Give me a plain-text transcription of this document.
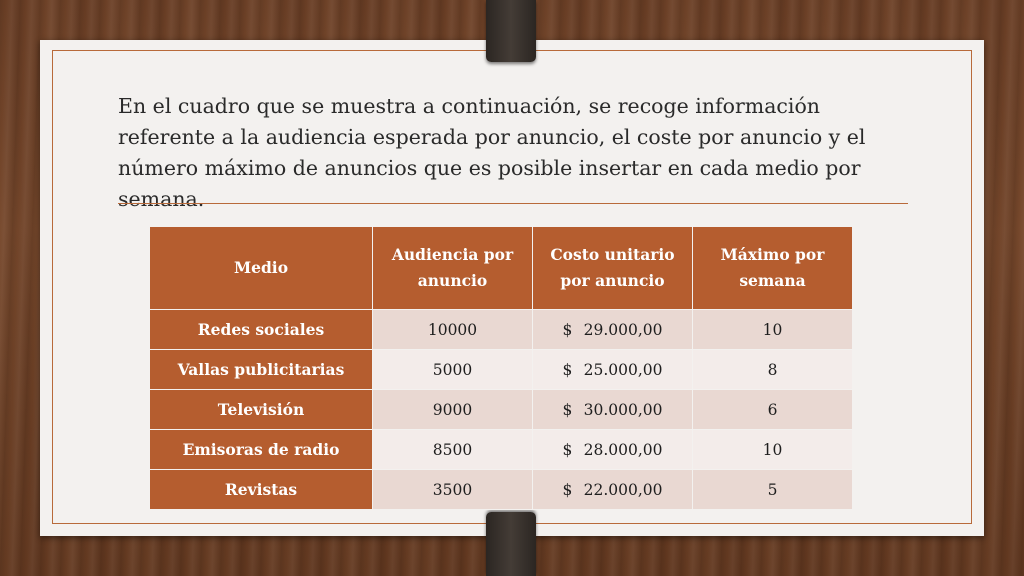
En el cuadro que se muestra a continuación, se recoge información referente a la audiencia esperada por anuncio, el coste por anuncio y el número máximo de anuncios que es posible insertar en cada medio por semana.

Medio	Audiencia por anuncio	Costo unitario por anuncio	Máximo por semana
Redes sociales	10000	$ 29.000,00	10
Vallas publicitarias	5000	$ 25.000,00	8
Televisión	9000	$ 30.000,00	6
Emisoras de radio	8500	$ 28.000,00	10
Revistas	3500	$ 22.000,00	5
